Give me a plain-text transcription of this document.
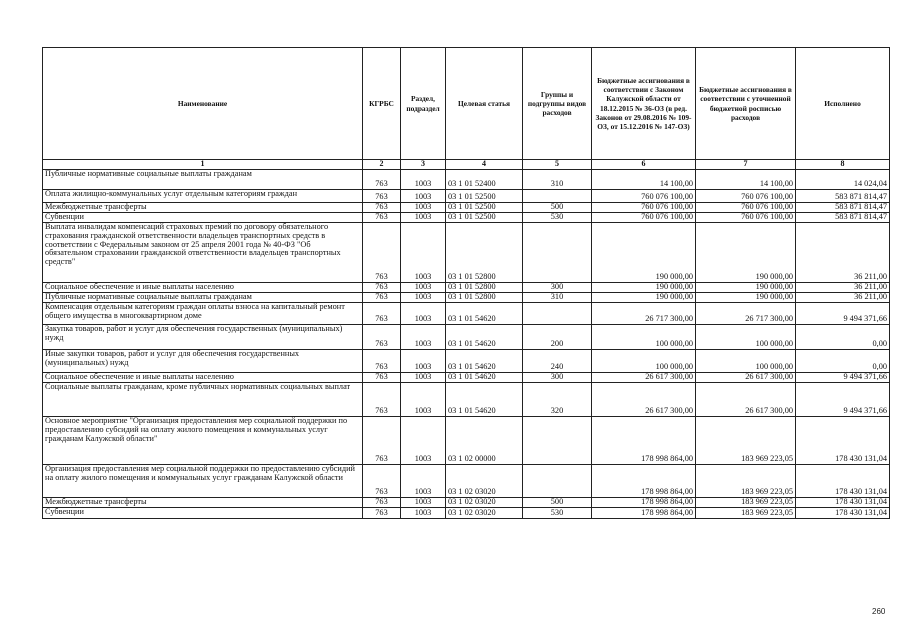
Наименование	КГРБС	Раздел, подраздел	Целевая статья	Группы и подгруппы видов расходов	Бюджетные ассигнования в соответствии с Законом Калужской области от 18.12.2015 № 36-ОЗ (в ред. Законов от 29.08.2016 № 109-ОЗ, от 15.12.2016 № 147-ОЗ)	Бюджетные ассигнования в соответствии с уточненной бюджетной росписью расходов	Исполнено
1	2	3	4	5	6	7	8
Публичные нормативные социальные выплаты гражданам	763	1003	03 1 01 52400	310	14 100,00	14 100,00	14 024,04
Оплата жилищно-коммунальных услуг отдельным категориям граждан	763	1003	03 1 01 52500		760 076 100,00	760 076 100,00	583 871 814,47
Межбюджетные трансферты	763	1003	03 1 01 52500	500	760 076 100,00	760 076 100,00	583 871 814,47
Субвенции	763	1003	03 1 01 52500	530	760 076 100,00	760 076 100,00	583 871 814,47
Выплата инвалидам компенсаций страховых премий по договору обязательного страхования гражданской ответственности владельцев транспортных средств в соответствии с Федеральным законом от 25 апреля 2001 года № 40-ФЗ "Об обязательном страховании гражданской ответственности владельцев транспортных средств"	763	1003	03 1 01 52800		190 000,00	190 000,00	36 211,00
Социальное обеспечение и иные выплаты населению	763	1003	03 1 01 52800	300	190 000,00	190 000,00	36 211,00
Публичные нормативные социальные выплаты гражданам	763	1003	03 1 01 52800	310	190 000,00	190 000,00	36 211,00
Компенсация отдельным категориям граждан оплаты взноса на капитальный ремонт общего имущества в многоквартирном доме	763	1003	03 1 01 54620		26 717 300,00	26 717 300,00	9 494 371,66
Закупка товаров, работ и услуг для обеспечения государственных (муниципальных) нужд	763	1003	03 1 01 54620	200	100 000,00	100 000,00	0,00
Иные закупки товаров, работ и услуг для обеспечения государственных (муниципальных) нужд	763	1003	03 1 01 54620	240	100 000,00	100 000,00	0,00
Социальное обеспечение и иные выплаты населению	763	1003	03 1 01 54620	300	26 617 300,00	26 617 300,00	9 494 371,66
Социальные выплаты гражданам, кроме публичных нормативных социальных выплат	763	1003	03 1 01 54620	320	26 617 300,00	26 617 300,00	9 494 371,66
Основное мероприятие "Организация предоставления мер социальной поддержки по предоставлению субсидий на оплату жилого помещения и коммунальных услуг гражданам Калужской области"	763	1003	03 1 02 00000		178 998 864,00	183 969 223,05	178 430 131,04
Организация предоставления мер социальной поддержки по предоставлению субсидий на оплату жилого помещения и коммунальных услуг гражданам Калужской области	763	1003	03 1 02 03020		178 998 864,00	183 969 223,05	178 430 131,04
Межбюджетные трансферты	763	1003	03 1 02 03020	500	178 998 864,00	183 969 223,05	178 430 131,04
Субвенции	763	1003	03 1 02 03020	530	178 998 864,00	183 969 223,05	178 430 131,04
260
